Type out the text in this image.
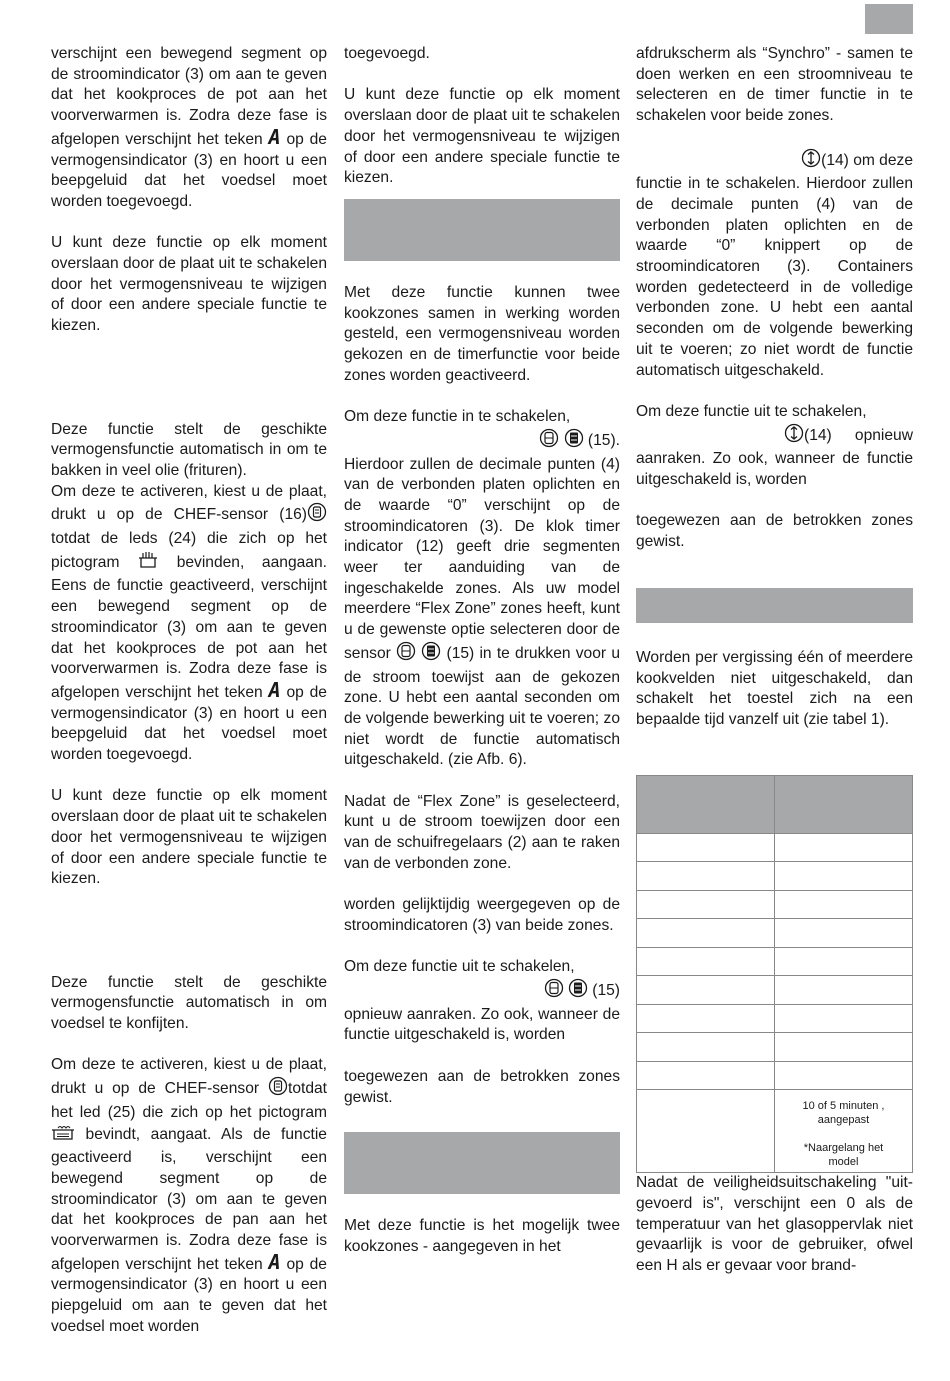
verschijnt een bewegend segment op de stroomindicator (3) om aan te geven dat het kookproces de pot aan het voorverwarmen is. Zodra deze fase is afgelopen verschijnt het teken A op de vermogensindicator (3) en hoort u een beepgeluid dat het voedsel moet worden toegevoegd.

U kunt deze functie op elk moment overslaan door de plaat uit te schakelen door het vermogensniveau te wijzigen of door een andere speciale functie te kiezen.

Deze functie stelt de geschikte vermogensfunctie automatisch in om te bakken in veel olie (frituren).

Om deze te activeren, kiest u de plaat, drukt u op de CHEF-sensor (16) totdat de leds (24) die zich op het pictogram	bevinden, aangaan. Eens de functie geactiveerd, verschijnt een bewegend segment op de stroomindicator (3) om aan te geven dat het kookproces de pot aan het voorverwarmen is. Zodra deze fase is afgelopen verschijnt het teken A op de vermogensindicator (3) en hoort u een beepgeluid dat het voedsel moet worden toegevoegd.

U kunt deze functie op elk moment overslaan door de plaat uit te schakelen door het vermogensniveau te wijzigen of door een andere speciale functie te kiezen.

Deze functie stelt de geschikte vermogensfunctie automatisch in om voedsel te konfijten.

Om deze te activeren, kiest u de plaat, drukt u op de CHEF-sensor totdat het led (25) die zich op het pictogram  bevindt, aangaat. Als de functie geactiveerd is, verschijnt een bewegend segment op de stroomindicator (3) om aan te geven dat het kookproces de pan aan het voorverwarmen is. Zodra deze fase is afgelopen verschijnt het teken A op de vermogensindicator (3) en hoort u een piepgeluid om aan te geven dat het voedsel moet worden

toegevoegd.

U kunt deze functie op elk moment overslaan door de plaat uit te schakelen door het vermogensniveau te wijzigen of door een andere speciale functie te kiezen.

Met deze functie kunnen twee kookzones samen in werking worden gesteld, een vermogensniveau worden gekozen en de timerfunctie voor beide zones worden geactiveerd.

Om deze functie in te schakelen,

(15).
Hierdoor zullen de decimale punten (4) van de verbonden platen oplichten en de waarde “0” verschijnt op de stroomindicatoren (3). De klok timer indicator (12) geeft drie segmenten weer ter aanduiding van de ingeschakelde zones. Als uw model meerdere “Flex Zone” zones heeft, kunt u de gewenste optie selecteren door de sensor	(15) in te drukken voor u de stroom toewijst aan de gekozen zone. U hebt een aantal seconden om de volgende bewerking uit te voeren; zo niet wordt de functie automatisch uitgeschakeld. (zie Afb. 6).

Nadat de “Flex Zone” is geselecteerd, kunt u de stroom toewijzen door een van de schuifregelaars (2) aan te raken van de verbonden zone.

worden gelijktijdig weergegeven op de stroomindicatoren (3) van beide zones.

Om deze functie uit te schakelen,

(15)
opnieuw aanraken. Zo ook, wanneer de functie uitgeschakeld is, worden

toegewezen aan de betrokken zones gewist.

Met deze functie is het mogelijk twee kookzones - aangegeven in het

afdrukscherm als “Synchro” - samen te doen werken en een stroomniveau te selecteren en de timer functie in te schakelen voor beide zones.

(14) om deze
functie in te schakelen. Hierdoor zullen de decimale punten (4) van de verbonden platen oplichten en de waarde “0” knippert op de stroomindicatoren (3). Containers worden gedetecteerd in de volledige verbonden zone. U hebt een aantal seconden om de volgende bewerking uit te voeren; zo niet wordt de functie automatisch uitgeschakeld.

Om deze functie uit te schakelen,
(14) opnieuw aanraken. Zo ook, wanneer de functie uitgeschakeld is, worden

toegewezen aan de betrokken zones gewist.

Worden per vergissing één of meerdere kookvelden niet uitgeschakeld, dan schakelt het toestel zich na een bepaalde tijd vanzelf uit (zie tabel 1).

	10 of 5 minuten , aangepast
*Naargelang het model

Nadat de veiligheidsuitschakeling "uit- gevoerd is", verschijnt een 0 als de temperatuur van het glasoppervlak niet gevaarlijk is voor de gebruiker, ofwel een H als er gevaar voor brand-
